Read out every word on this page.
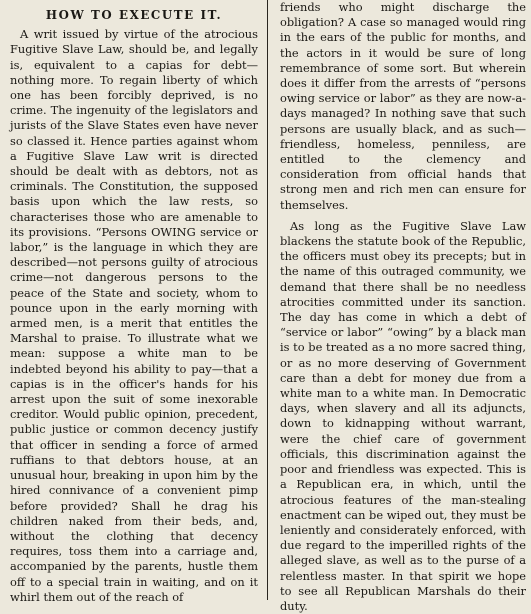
HOW TO EXECUTE IT.

A writ issued by virtue of the atrocious Fugitive Slave Law, should be, and legally is, equivalent to a capias for debt—nothing more. To regain liberty of which one has been forcibly deprived, is no crime. The ingenuity of the legislators and jurists of the Slave States even have never so classed it. Hence parties against whom a Fugitive Slave Law writ is directed should be dealt with as debtors, not as criminals. The Constitution, the supposed basis upon which the law rests, so characterises those who are amenable to its provisions. “Persons OWING service or labor,” is the language in which they are described—not persons guilty of atrocious crime—not dangerous persons to the peace of the State and society, whom to pounce upon in the early morning with armed men, is a merit that entitles the Marshal to praise. To illustrate what we mean: suppose a white man to be indebted beyond his ability to pay—that a capias is in the officer's hands for his arrest upon the suit of some inexorable creditor. Would public opinion, precedent, public justice or common decency justify that officer in sending a force of armed ruffians to that debtors house, at an unusual hour, breaking in upon him by the hired connivance of a convenient pimp before provided? Shall he drag his children naked from their beds, and, without the clothing that decency requires, toss them into a carriage and, accompanied by the parents, hustle them off to a special train in waiting, and on it whirl them out of the reach of

friends who might discharge the obligation? A case so managed would ring in the ears of the public for months, and the actors in it would be sure of long remembrance of some sort. But wherein does it differ from the arrests of “persons owing service or labor” as they are now-a-days managed? In nothing save that such persons are usually black, and as such—friendless, homeless, penniless, are entitled to the clemency and consideration from official hands that strong men and rich men can ensure for themselves.

As long as the Fugitive Slave Law blackens the statute book of the Republic, the officers must obey its precepts; but in the name of this outraged community, we demand that there shall be no needless atrocities committed under its sanction. The day has come in which a debt of “service or labor” “owing” by a black man is to be treated as a no more sacred thing, or as no more deserving of Government care than a debt for money due from a white man to a white man. In Democratic days, when slavery and all its adjuncts, down to kidnapping without warrant, were the chief care of government officials, this discrimination against the poor and friendless was expected. This is a Republican era, in which, until the atrocious features of the man-stealing enactment can be wiped out, they must be leniently and considerately enforced, with due regard to the imperilled rights of the alleged slave, as well as to the purse of a relentless master. In that spirit we hope to see all Republican Marshals do their duty.
